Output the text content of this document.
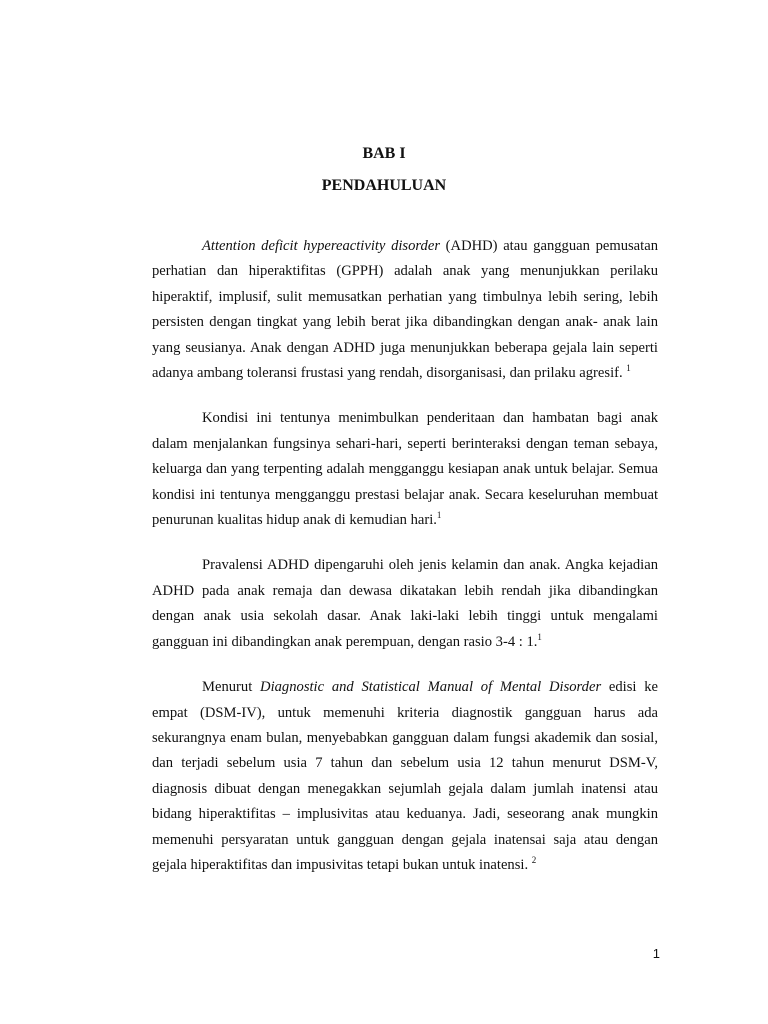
BAB I
PENDAHULUAN

Attention deficit hypereactivity disorder (ADHD) atau gangguan pemusatan perhatian dan hiperaktifitas (GPPH) adalah anak yang menunjukkan perilaku hiperaktif, implusif, sulit memusatkan perhatian yang timbulnya lebih sering, lebih persisten dengan tingkat yang lebih berat jika dibandingkan dengan anak- anak lain yang seusianya. Anak dengan ADHD juga menunjukkan beberapa gejala lain seperti adanya ambang toleransi frustasi yang rendah, disorganisasi, dan prilaku agresif. $^1$

Kondisi ini tentunya menimbulkan penderitaan dan hambatan bagi anak dalam menjalankan fungsinya sehari-hari, seperti berinteraksi dengan teman sebaya, keluarga dan yang terpenting adalah mengganggu kesiapan anak untuk belajar. Semua kondisi ini tentunya mengganggu prestasi belajar anak. Secara keseluruhan membuat penurunan kualitas hidup anak di kemudian hari.$^1$

Pravalensi ADHD dipengaruhi oleh jenis kelamin dan anak. Angka kejadian ADHD pada anak remaja dan dewasa dikatakan lebih rendah jika dibandingkan dengan anak usia sekolah dasar. Anak laki-laki lebih tinggi untuk mengalami gangguan ini dibandingkan anak perempuan, dengan rasio 3-4 : 1.$^1$

Menurut Diagnostic and Statistical Manual of Mental Disorder edisi ke empat (DSM-IV), untuk memenuhi kriteria diagnostik gangguan harus ada sekurangnya enam bulan, menyebabkan gangguan dalam fungsi akademik dan sosial, dan terjadi sebelum usia 7 tahun dan sebelum usia 12 tahun menurut DSM-V, diagnosis dibuat dengan menegakkan sejumlah gejala dalam jumlah inatensi atau bidang hiperaktifitas – implusivitas atau keduanya. Jadi, seseorang anak mungkin memenuhi persyaratan untuk gangguan dengan gejala inatensai saja atau dengan gejala hiperaktifitas dan impusivitas tetapi bukan untuk inatensi. $^2$

1
